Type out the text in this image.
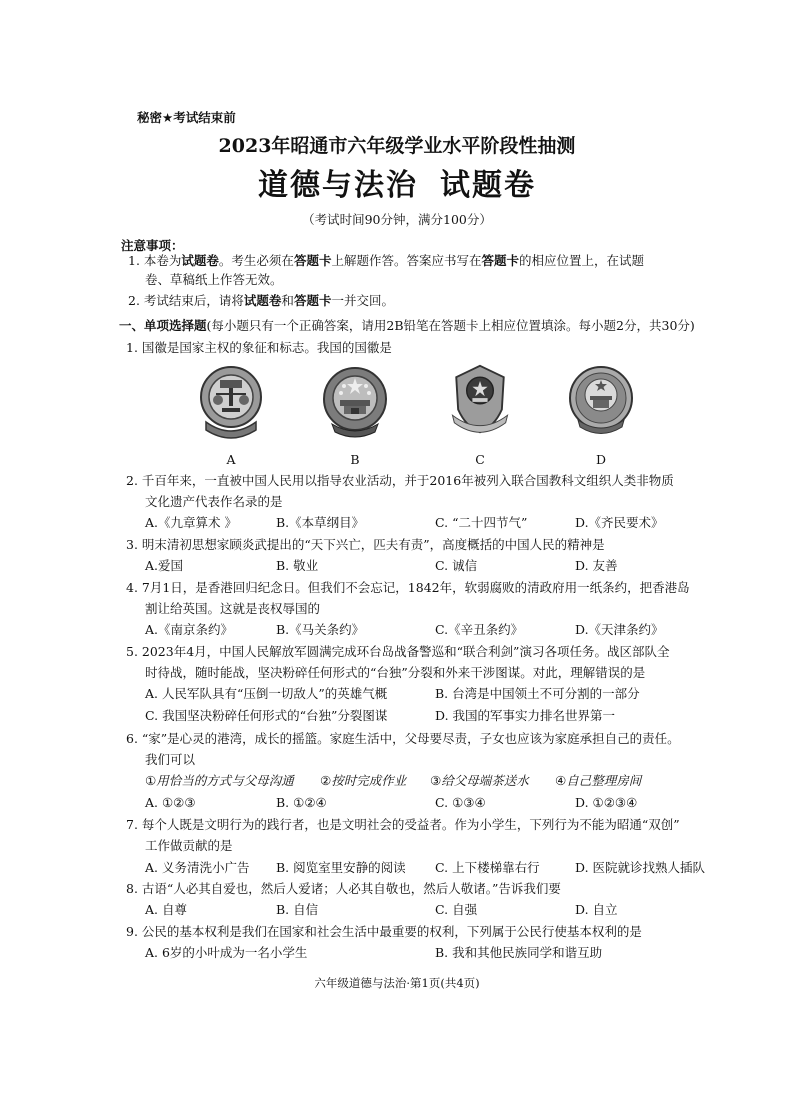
秘密★考试结束前
2023年昭通市六年级学业水平阶段性抽测
道德与法治 试题卷
（考试时间90分钟，满分100分）
注意事项：
1. 本卷为试题卷。考生必须在答题卡上解题作答。答案应书写在答题卡的相应位置上，在试题
卷、草稿纸上作答无效。
2. 考试结束后，请将试题卷和答题卡一并交回。
一、单项选择题(每小题只有一个正确答案，请用2B铅笔在答题卡上相应位置填涂。每小题2分，共30分)
1. 国徽是国家主权的象征和标志。我国的国徽是
A	B	C	D
2. 千百年来，一直被中国人民用以指导农业活动，并于2016年被列入联合国教科文组织人类非物质
文化遗产代表作名录的是
A.《九章算术 》	B.《本草纲目》	C. “二十四节气”	D.《齐民要术》
3. 明末清初思想家顾炎武提出的“天下兴亡，匹夫有责”，高度概括的中国人民的精神是
A.爱国	B. 敬业	C. 诚信	D. 友善
4. 7月1日，是香港回归纪念日。但我们不会忘记，1842年，软弱腐败的清政府用一纸条约，把香港岛
割让给英国。这就是丧权辱国的
A.《南京条约》	B.《马关条约》	C.《辛丑条约》	D.《天津条约》
5. 2023年4月，中国人民解放军圆满完成环台岛战备警巡和“联合利剑”演习各项任务。战区部队全
时待战，随时能战，坚决粉碎任何形式的“台独”分裂和外来干涉图谋。对此，理解错误的是
A. 人民军队具有“压倒一切敌人”的英雄气概	B. 台湾是中国领土不可分割的一部分
C. 我国坚决粉碎任何形式的“台独”分裂图谋	D. 我国的军事实力排名世界第一
6. “家”是心灵的港湾，成长的摇篮。家庭生活中，父母要尽责，子女也应该为家庭承担自己的责任。
我们可以
①用恰当的方式与父母沟通 ②按时完成作业 ③给父母端茶送水 ④自己整理房间
A. ①②③	B. ①②④	C. ①③④	D. ①②③④
7. 每个人既是文明行为的践行者，也是文明社会的受益者。作为小学生，下列行为不能为昭通“双创”
工作做贡献的是
A. 义务清洗小广告 B. 阅览室里安静的阅读 C. 上下楼梯靠右行	D. 医院就诊找熟人插队
8. 古语“人必其自爱也，然后人爱诸；人必其自敬也，然后人敬诸。”告诉我们要
A. 自尊	B. 自信	C. 自强	D. 自立
9. 公民的基本权利是我们在国家和社会生活中最重要的权利，下列属于公民行使基本权利的是
A. 6岁的小叶成为一名小学生	B. 我和其他民族同学和谐互助
六年级道德与法治·第1页(共4页)
